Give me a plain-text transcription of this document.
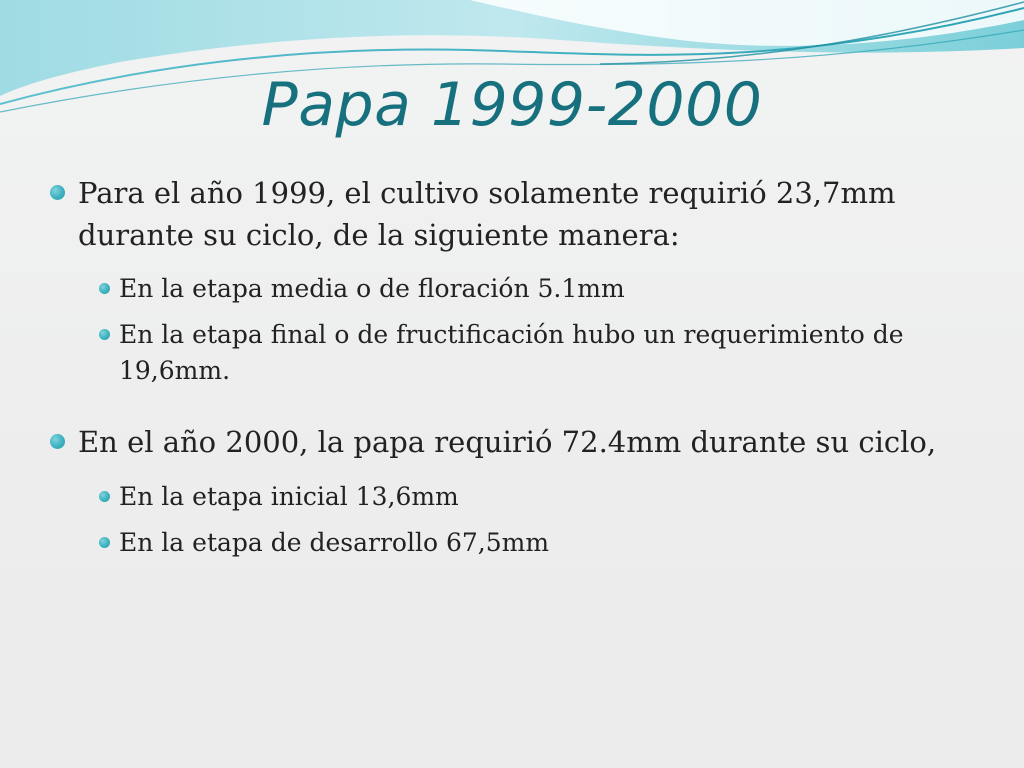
Papa 1999-2000
Para el año 1999, el cultivo solamente requirió 23,7mm durante su ciclo, de la siguiente manera:
En la etapa media o de floración 5.1mm
En la etapa final o de fructificación hubo un requerimiento de 19,6mm.
En el año 2000, la papa requirió 72.4mm durante su ciclo,
En la etapa inicial 13,6mm
En la etapa de desarrollo 67,5mm
